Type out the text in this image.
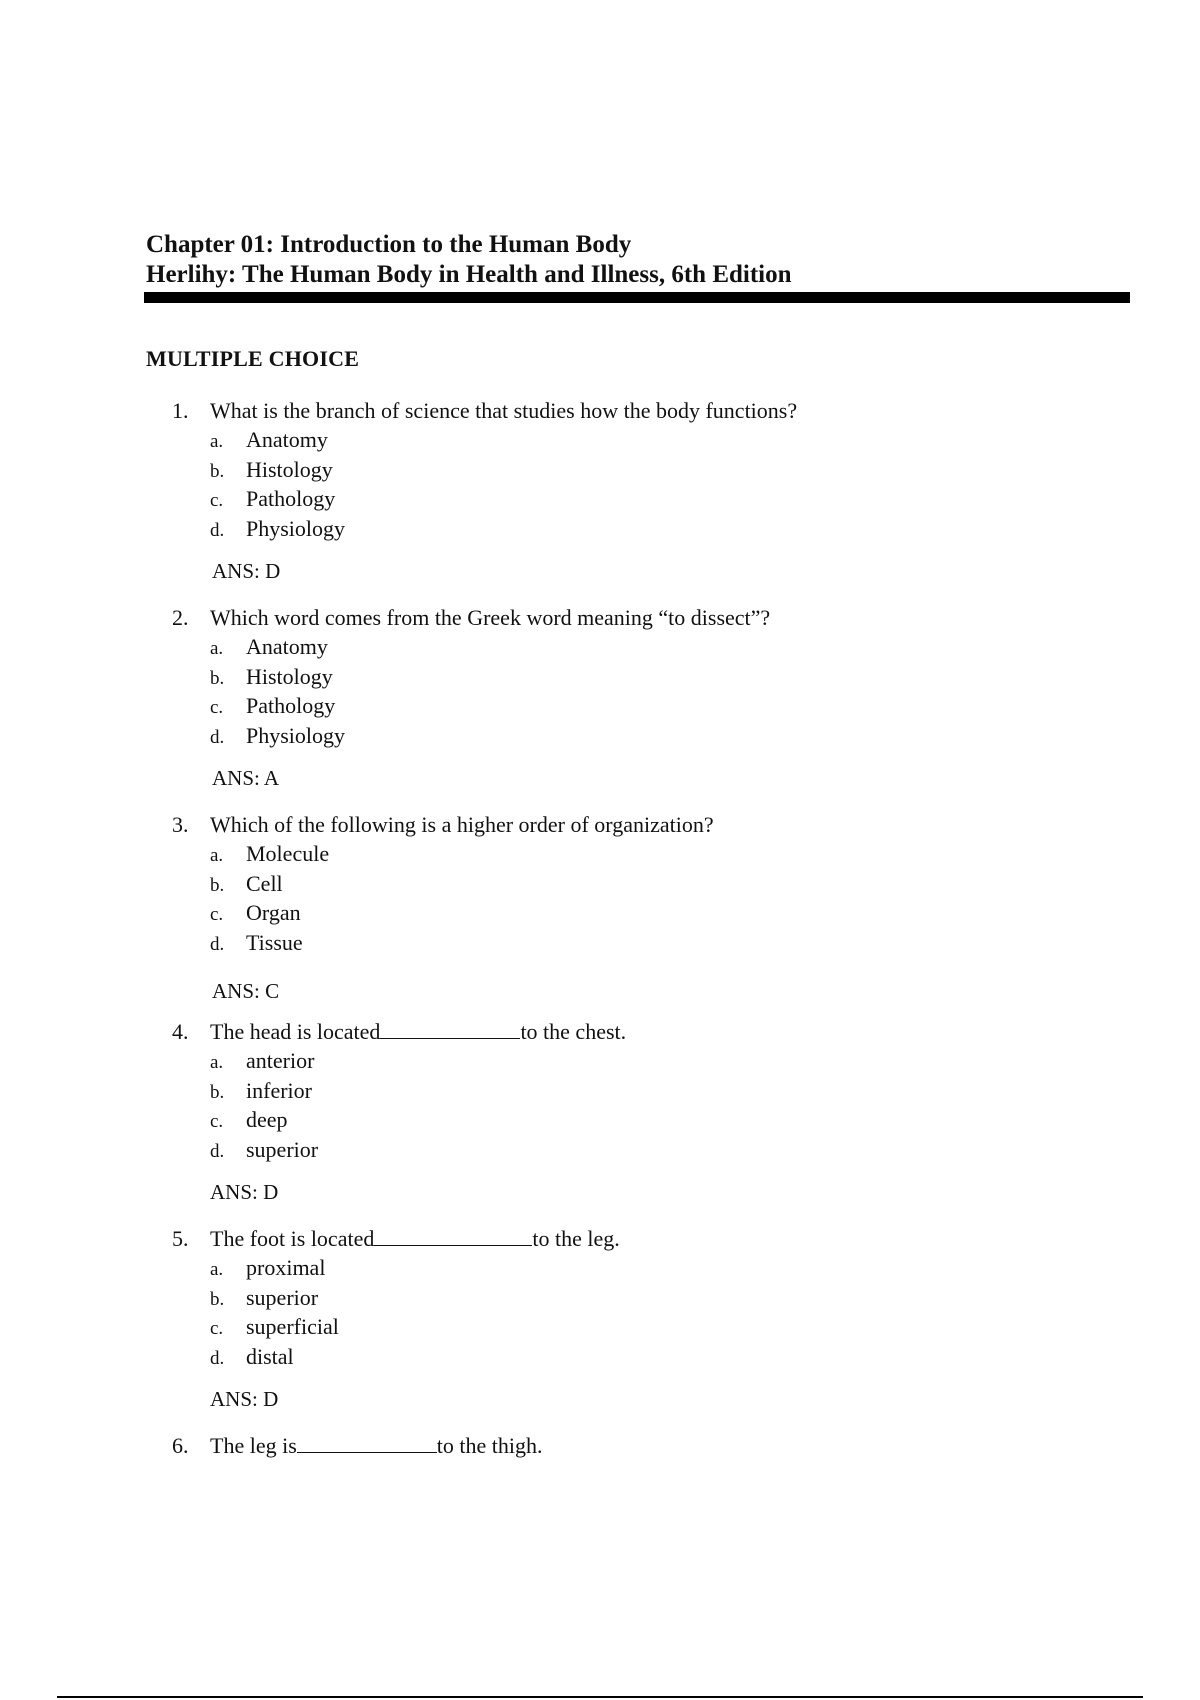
Chapter 01: Introduction to the Human Body
Herlihy: The Human Body in Health and Illness, 6th Edition
MULTIPLE CHOICE
1. What is the branch of science that studies how the body functions?
a. Anatomy
b. Histology
c. Pathology
d. Physiology
ANS: D
2. Which word comes from the Greek word meaning “to dissect”?
a. Anatomy
b. Histology
c. Pathology
d. Physiology
ANS: A
3. Which of the following is a higher order of organization?
a. Molecule
b. Cell
c. Organ
d. Tissue
ANS: C
4. The head is located	to the chest.
a. anterior
b. inferior
c. deep
d. superior
ANS: D
5. The foot is located	to the leg.
a. proximal
b. superior
c. superficial
d. distal
ANS: D
6. The leg is	to the thigh.
